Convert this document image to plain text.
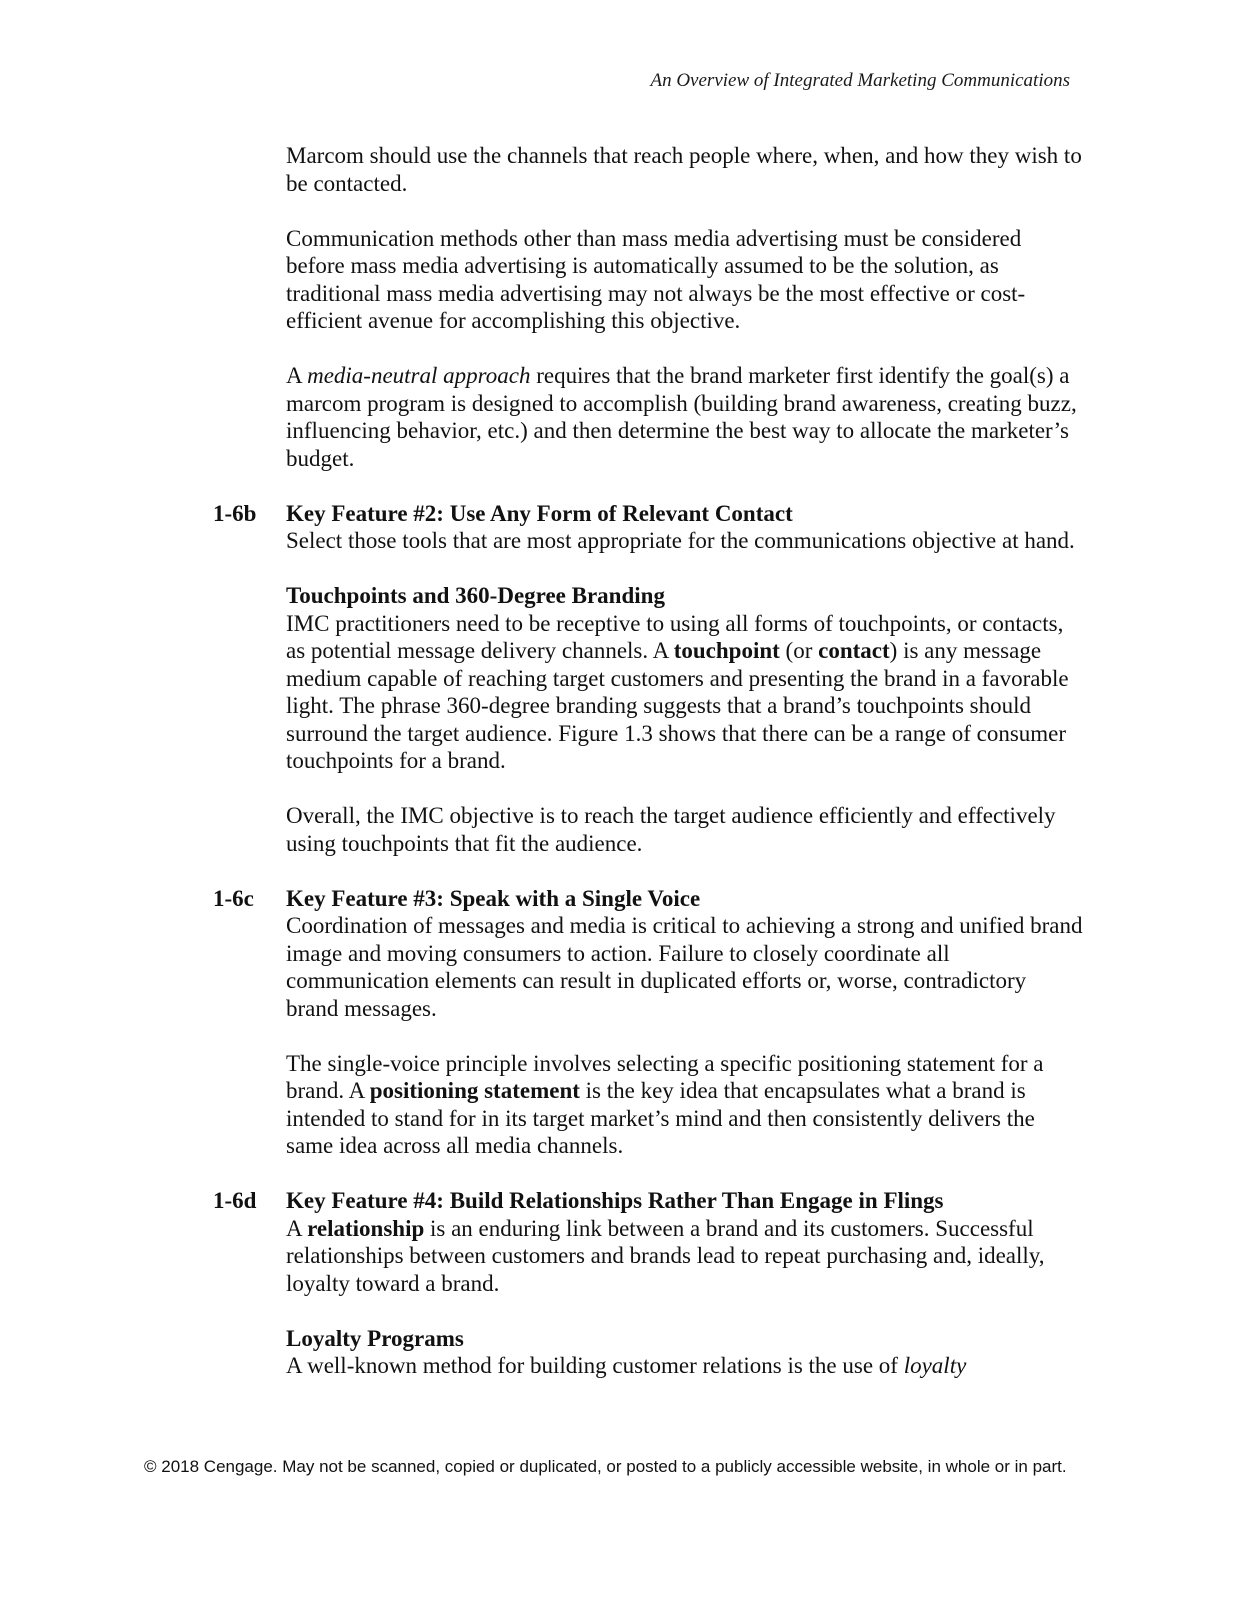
An Overview of Integrated Marketing Communications

Marcom should use the channels that reach people where, when, and how they wish to be contacted.

Communication methods other than mass media advertising must be considered before mass media advertising is automatically assumed to be the solution, as traditional mass media advertising may not always be the most effective or cost-efficient avenue for accomplishing this objective.

A media-neutral approach requires that the brand marketer first identify the goal(s) a marcom program is designed to accomplish (building brand awareness, creating buzz, influencing behavior, etc.) and then determine the best way to allocate the marketer’s budget.

1-6b Key Feature #2: Use Any Form of Relevant Contact

Select those tools that are most appropriate for the communications objective at hand.

Touchpoints and 360-Degree Branding

IMC practitioners need to be receptive to using all forms of touchpoints, or contacts, as potential message delivery channels. A touchpoint (or contact) is any message medium capable of reaching target customers and presenting the brand in a favorable light. The phrase 360-degree branding suggests that a brand’s touchpoints should surround the target audience. Figure 1.3 shows that there can be a range of consumer touchpoints for a brand.

Overall, the IMC objective is to reach the target audience efficiently and effectively using touchpoints that fit the audience.

1-6c Key Feature #3: Speak with a Single Voice

Coordination of messages and media is critical to achieving a strong and unified brand image and moving consumers to action. Failure to closely coordinate all communication elements can result in duplicated efforts or, worse, contradictory brand messages.

The single-voice principle involves selecting a specific positioning statement for a brand. A positioning statement is the key idea that encapsulates what a brand is intended to stand for in its target market’s mind and then consistently delivers the same idea across all media channels.

1-6d Key Feature #4: Build Relationships Rather Than Engage in Flings

A relationship is an enduring link between a brand and its customers. Successful relationships between customers and brands lead to repeat purchasing and, ideally, loyalty toward a brand.

Loyalty Programs

A well-known method for building customer relations is the use of loyalty

© 2018 Cengage. May not be scanned, copied or duplicated, or posted to a publicly accessible website, in whole or in part.
